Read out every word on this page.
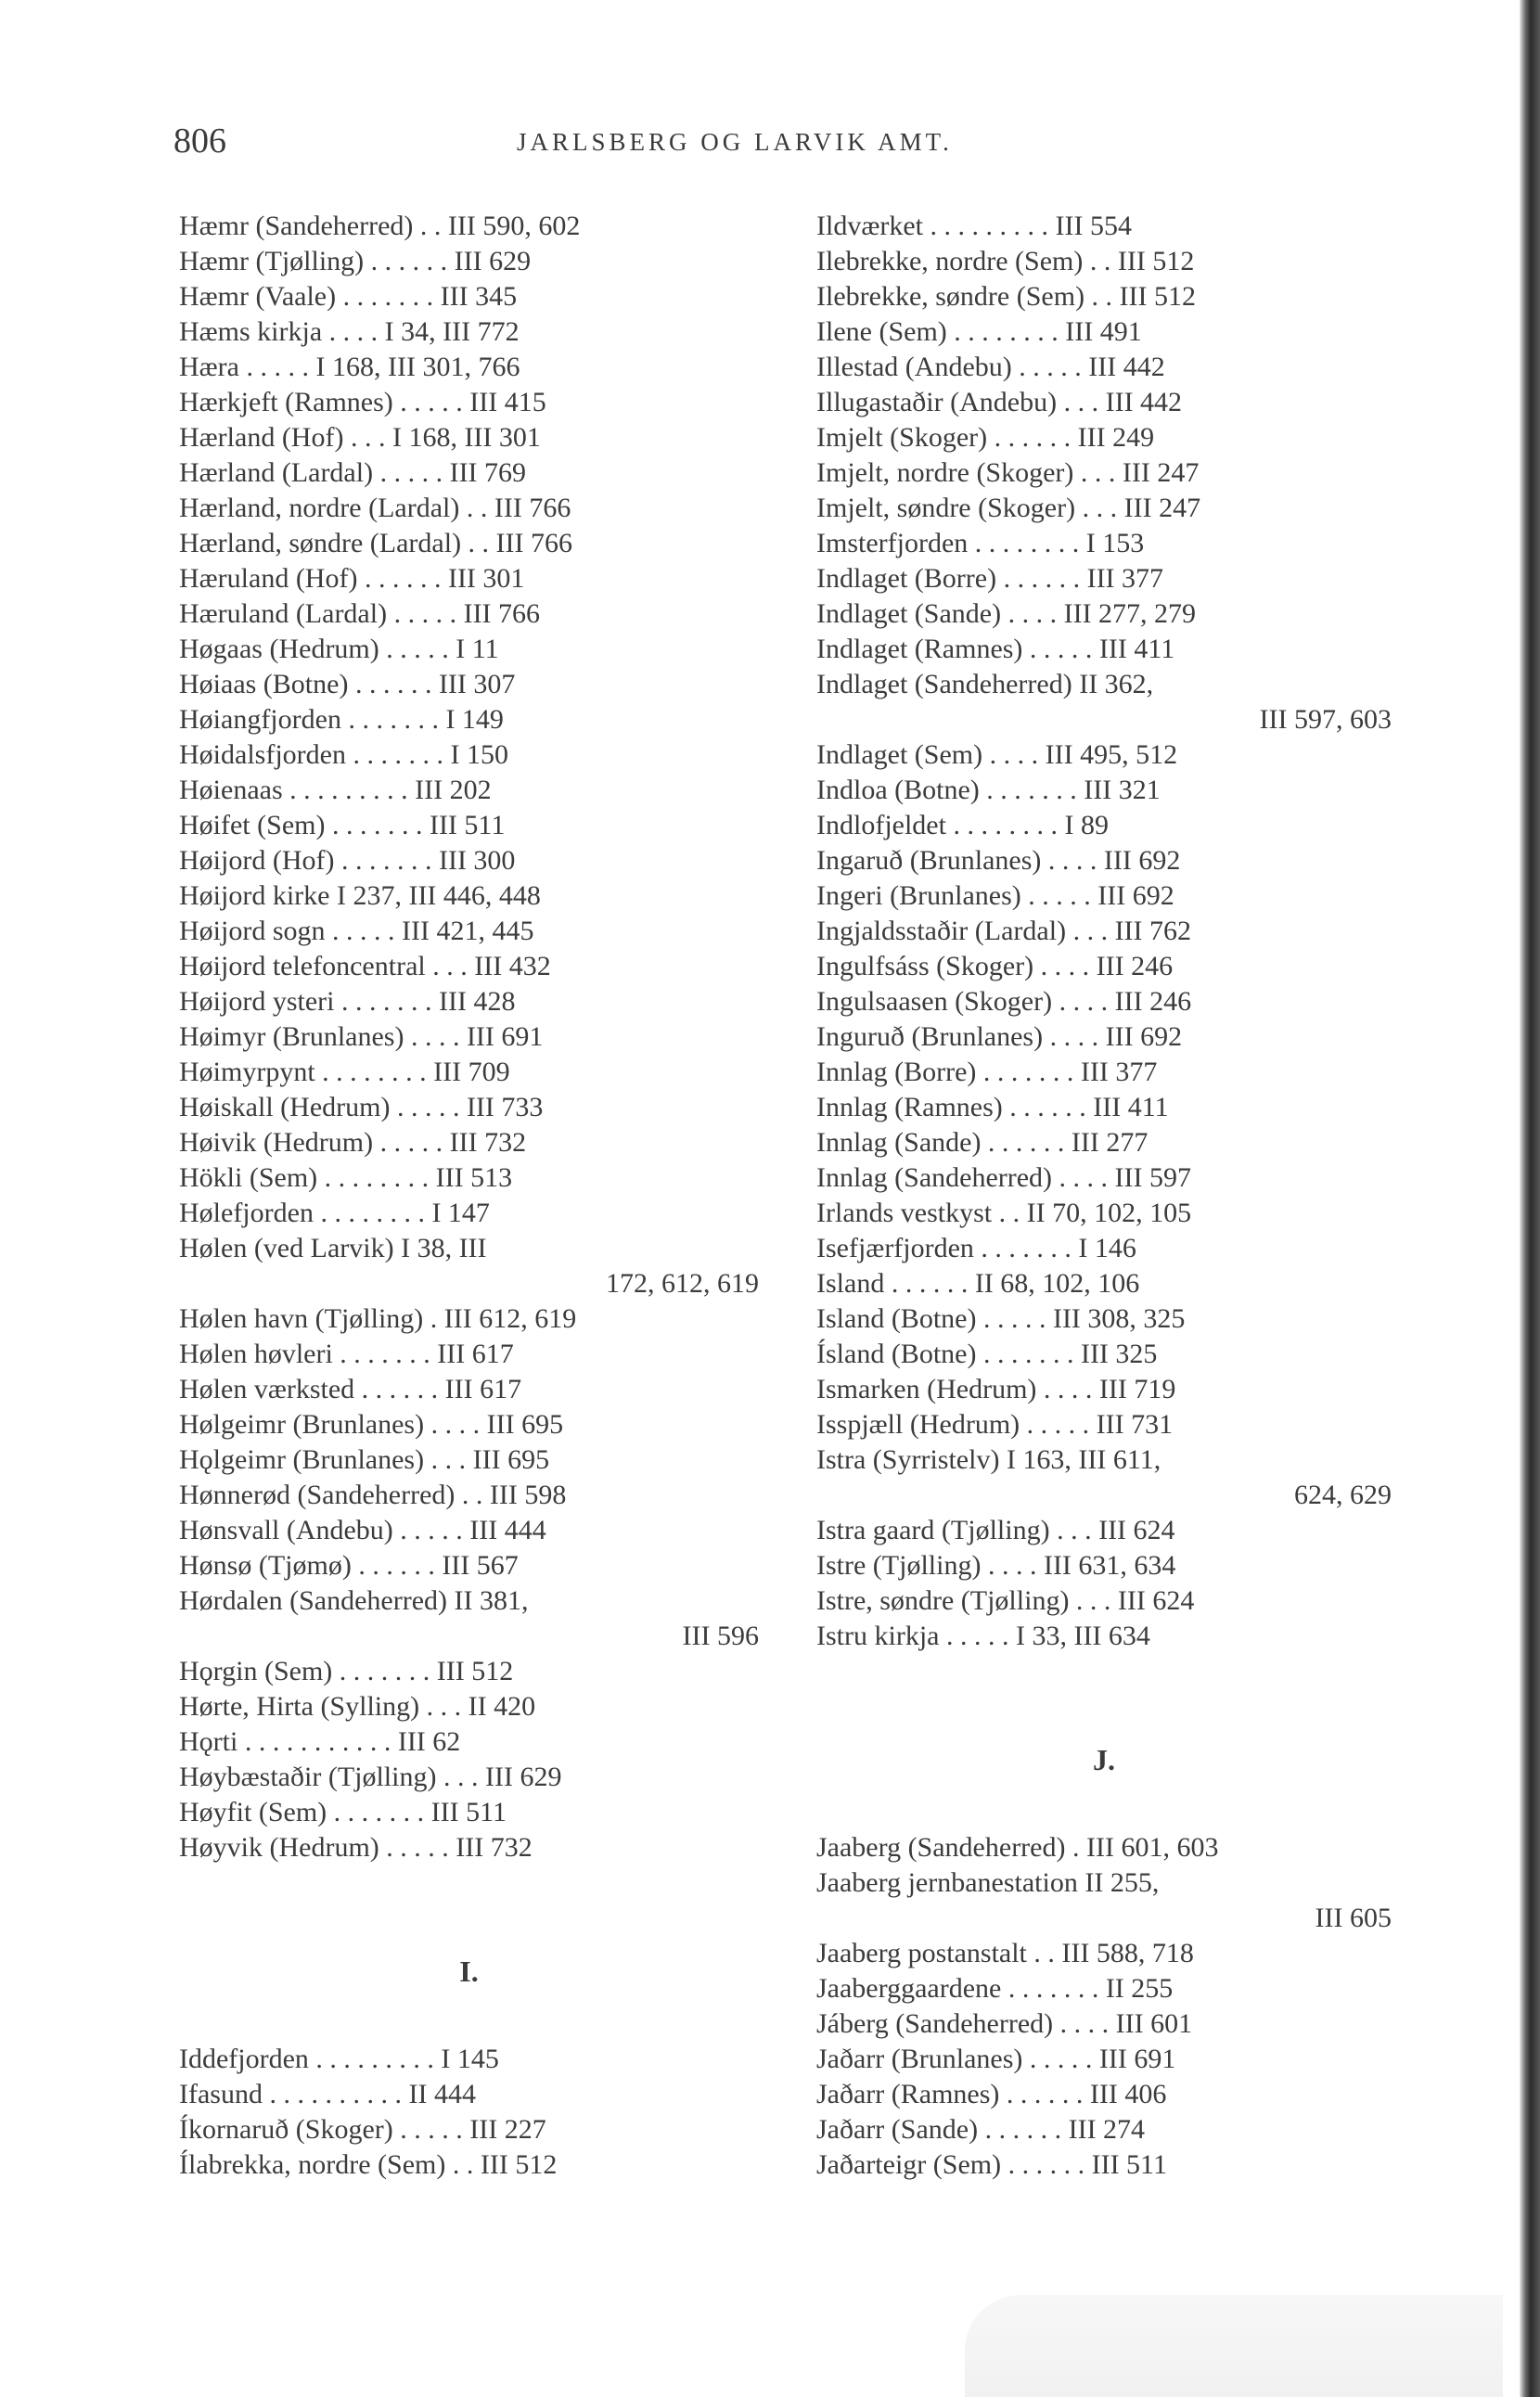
806	JARLSBERG OG LARVIK AMT.
Hæmr (Sandeherred) . . III 590, 602
Hæmr (Tjølling) . . . . . . III 629
Hæmr (Vaale) . . . . . . . III 345
Hæms kirkja . . . . I 34, III 772
Hæra . . . . . I 168, III 301, 766
Hærkjeft (Ramnes) . . . . . III 415
Hærland (Hof) . . . I 168, III 301
Hærland (Lardal) . . . . . III 769
Hærland, nordre (Lardal) . . III 766
Hærland, søndre (Lardal) . . III 766
Hæruland (Hof) . . . . . . III 301
Hæruland (Lardal) . . . . . III 766
Høgaas (Hedrum) . . . . . I 11
Høiaas (Botne) . . . . . . III 307
Høiangfjorden . . . . . . . I 149
Høidalsfjorden . . . . . . . I 150
Høienaas . . . . . . . . . III 202
Høifet (Sem) . . . . . . . III 511
Høijord (Hof) . . . . . . . III 300
Høijord kirke I 237, III 446, 448
Høijord sogn . . . . . III 421, 445
Høijord telefoncentral . . . III 432
Høijord ysteri . . . . . . . III 428
Høimyr (Brunlanes) . . . . III 691
Høimyrpynt . . . . . . . . III 709
Høiskall (Hedrum) . . . . . III 733
Høivik (Hedrum) . . . . . III 732
Hökli (Sem) . . . . . . . . III 513
Hølefjorden . . . . . . . . I 147
Hølen (ved Larvik) I 38, III
172, 612, 619
Hølen havn (Tjølling) . III 612, 619
Hølen høvleri . . . . . . . III 617
Hølen værksted . . . . . . III 617
Hølgeimr (Brunlanes) . . . . III 695
Hǫlgeimr (Brunlanes) . . . III 695
Hønnerød (Sandeherred) . . III 598
Hønsvall (Andebu) . . . . . III 444
Hønsø (Tjømø) . . . . . . III 567
Hørdalen (Sandeherred) II 381,
III 596
Hǫrgin (Sem) . . . . . . . III 512
Hørte, Hirta (Sylling) . . . II 420
Hǫrti . . . . . . . . . . . III 62
Høybæstaðir (Tjølling) . . . III 629
Høyfit (Sem) . . . . . . . III 511
Høyvik (Hedrum) . . . . . III 732
I.
Iddefjorden . . . . . . . . . I 145
Ifasund . . . . . . . . . . II 444
Íkornaruð (Skoger) . . . . . III 227
Ílabrekka, nordre (Sem) . . III 512
Ildværket . . . . . . . . . III 554
Ilebrekke, nordre (Sem) . . III 512
Ilebrekke, søndre (Sem) . . III 512
Ilene (Sem) . . . . . . . . III 491
Illestad (Andebu) . . . . . III 442
Illugastaðir (Andebu) . . . III 442
Imjelt (Skoger) . . . . . . III 249
Imjelt, nordre (Skoger) . . . III 247
Imjelt, søndre (Skoger) . . . III 247
Imsterfjorden . . . . . . . . I 153
Indlaget (Borre) . . . . . . III 377
Indlaget (Sande) . . . . III 277, 279
Indlaget (Ramnes) . . . . . III 411
Indlaget (Sandeherred) II 362,
III 597, 603
Indlaget (Sem) . . . . III 495, 512
Indloa (Botne) . . . . . . . III 321
Indlofjeldet . . . . . . . . I 89
Ingaruð (Brunlanes) . . . . III 692
Ingeri (Brunlanes) . . . . . III 692
Ingjaldsstaðir (Lardal) . . . III 762
Ingulfsáss (Skoger) . . . . III 246
Ingulsaasen (Skoger) . . . . III 246
Inguruð (Brunlanes) . . . . III 692
Innlag (Borre) . . . . . . . III 377
Innlag (Ramnes) . . . . . . III 411
Innlag (Sande) . . . . . . III 277
Innlag (Sandeherred) . . . . III 597
Irlands vestkyst . . II 70, 102, 105
Isefjærfjorden . . . . . . . I 146
Island . . . . . . II 68, 102, 106
Island (Botne) . . . . . III 308, 325
Ísland (Botne) . . . . . . . III 325
Ismarken (Hedrum) . . . . III 719
Isspjæll (Hedrum) . . . . . III 731
Istra (Syrristelv) I 163, III 611,
624, 629
Istra gaard (Tjølling) . . . III 624
Istre (Tjølling) . . . . III 631, 634
Istre, søndre (Tjølling) . . . III 624
Istru kirkja . . . . . I 33, III 634
J.
Jaaberg (Sandeherred) . III 601, 603
Jaaberg jernbanestation II 255,
III 605
Jaaberg postanstalt . . III 588, 718
Jaaberggaardene . . . . . . . II 255
Jáberg (Sandeherred) . . . . III 601
Jaðarr (Brunlanes) . . . . . III 691
Jaðarr (Ramnes) . . . . . . III 406
Jaðarr (Sande) . . . . . . III 274
Jaðarteigr (Sem) . . . . . . III 511
